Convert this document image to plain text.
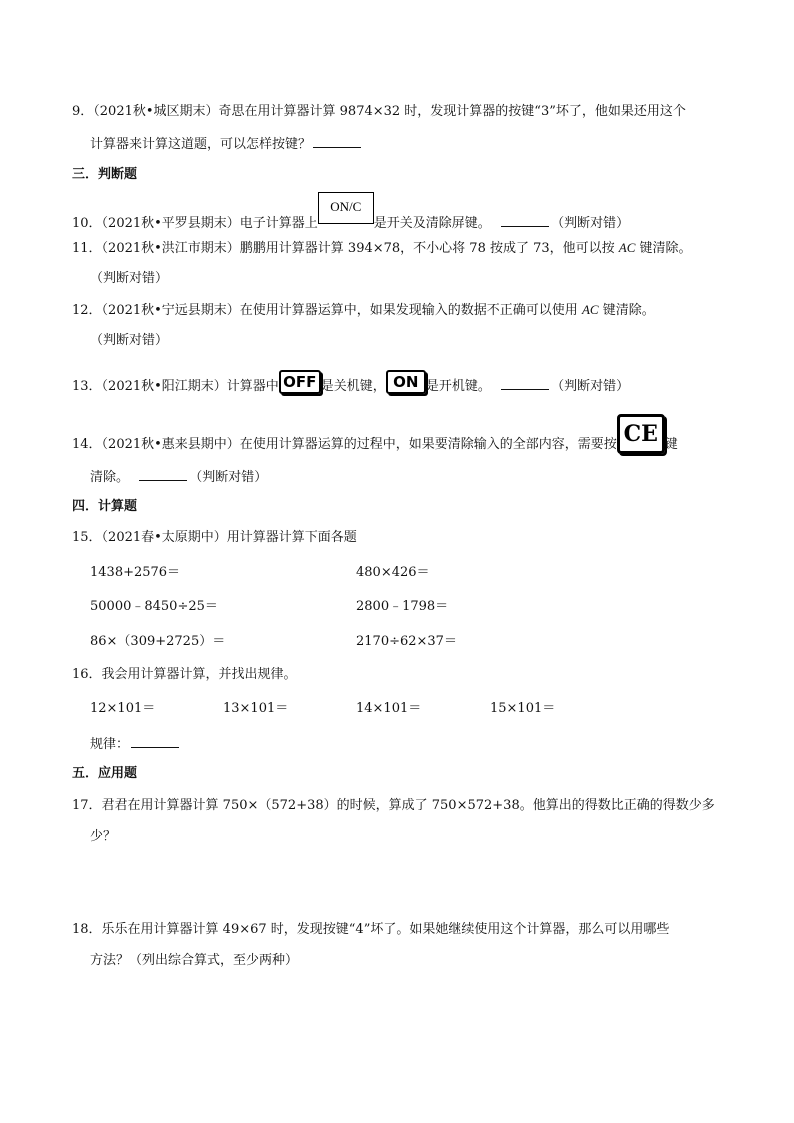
9．（2021秋•城区期末）奇思在用计算器计算 9874×32 时，发现计算器的按键“3”坏了，他如果还用这个
计算器来计算这道题，可以怎样按键？
三．判断题
10．（2021秋•平罗县期末）电子计算器上ON/C是开关及清除屏键。	（判断对错）
11．（2021秋•洪江市期末）鹏鹏用计算器计算 394×78，不小心将 78 按成了 73，他可以按 AC 键清除。
（判断对错）
12．（2021秋•宁远县期末）在使用计算器运算中，如果发现输入的数据不正确可以使用 AC 键清除。
（判断对错）
13．（2021秋•阳江期末）计算器中 OFF 是关机键， ON 是开机键。	（判断对错）
14．（2021秋•惠来县期中）在使用计算器运算的过程中，如果要清除输入的全部内容，需要按 CE 键
清除。	（判断对错）
四．计算题
15．（2021春•太原期中）用计算器计算下面各题
1438+2576＝	480×426＝
50000﹣8450÷25＝	2800﹣1798＝
86×（309+2725）＝	2170÷62×37＝
16．我会用计算器计算，并找出规律。
12×101＝	13×101＝	14×101＝	15×101＝
规律：
五．应用题
17．君君在用计算器计算 750×（572+38）的时候，算成了 750×572+38。他算出的得数比正确的得数少多
少？
18．乐乐在用计算器计算 49×67 时，发现按键“4”坏了。如果她继续使用这个计算器，那么可以用哪些
方法？（列出综合算式，至少两种）
